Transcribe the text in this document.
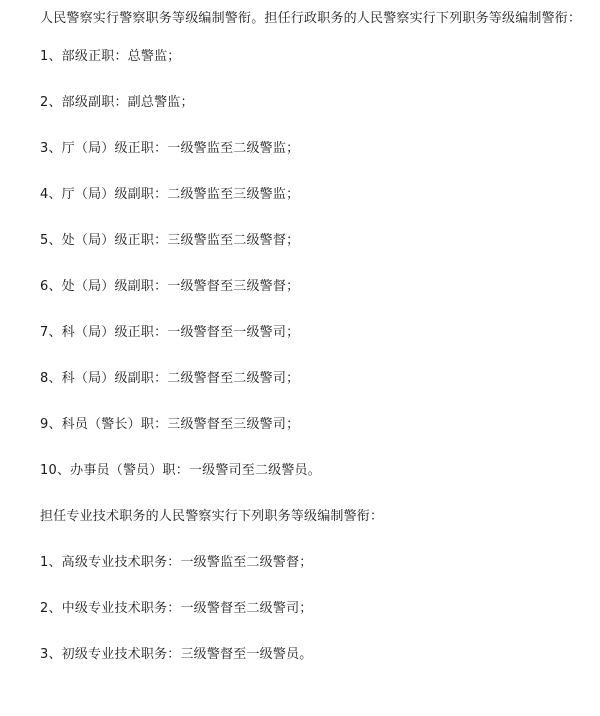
人民警察实行警察职务等级编制警衔。担任行政职务的人民警察实行下列职务等级编制警衔：

1、部级正职：总警监；

2、部级副职：副总警监；

3、厅（局）级正职：一级警监至二级警监；

4、厅（局）级副职：二级警监至三级警监；

5、处（局）级正职：三级警监至二级警督；

6、处（局）级副职：一级警督至三级警督；

7、科（局）级正职：一级警督至一级警司；

8、科（局）级副职：二级警督至二级警司；

9、科员（警长）职：三级警督至三级警司；

10、办事员（警员）职：一级警司至二级警员。

担任专业技术职务的人民警察实行下列职务等级编制警衔：

1、高级专业技术职务：一级警监至二级警督；

2、中级专业技术职务：一级警督至二级警司；

3、初级专业技术职务：三级警督至一级警员。
